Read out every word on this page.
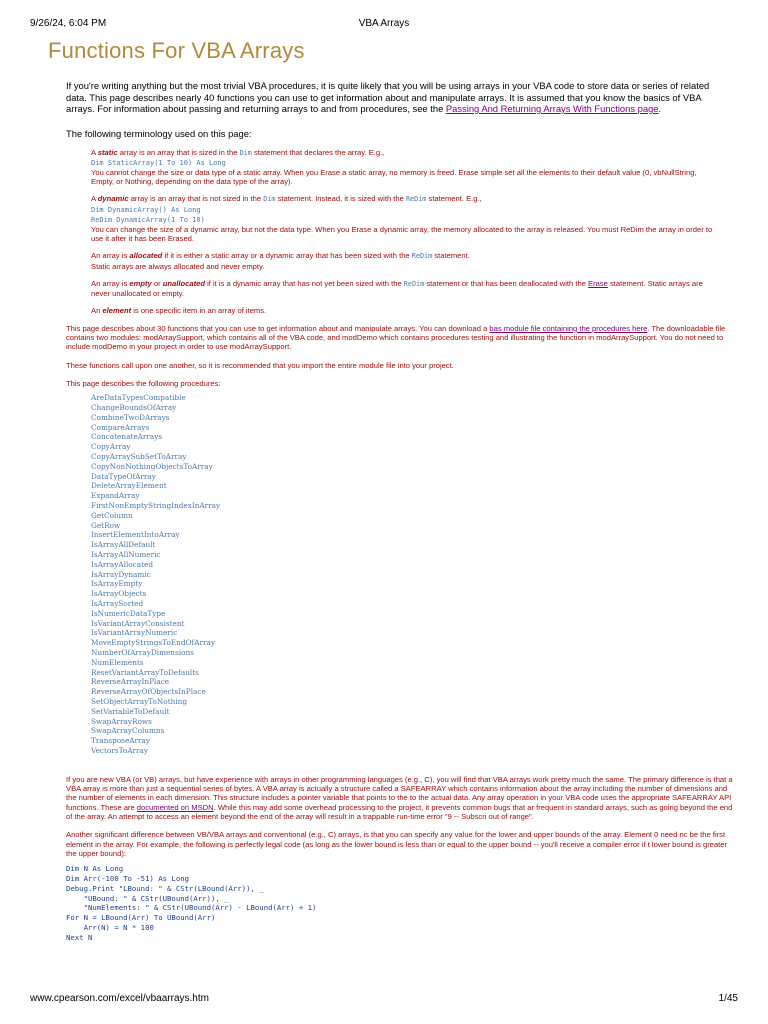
9/26/24, 6:04 PM	VBA Arrays
Functions For VBA Arrays

If you're writing anything but the most trivial VBA procedures, it is quite likely that you will be using arrays in your VBA code to store data or series of related data. This page describes nearly 40 functions you can use to get information about and manipulate arrays. It is assumed that you know the basics of VBA arrays. For information about passing and returning arrays to and from procedures, see the Passing And Returning Arrays With Functions page.

The following terminology used on this page:

A static array is an array that is sized in the Dim statement that declares the array. E.g.,
Dim StaticArray(1 To 10) As Long
You cannot change the size or data type of a static array. When you Erase a static array, no memory is freed. Erase simple set all the elements to their default value (0, vbNullString, Empty, or Nothing, depending on the data type of the array).
A dynamic array is an array that is not sized in the Dim statement. Instead, it is sized with the ReDim statement. E.g.,
Dim DynamicArray() As Long
ReDim DynamicArray(1 To 10)
You can change the size of a dynamic array, but not the data type. When you Erase a dynamic array, the memory allocated to the array is released. You must ReDim the array in order to use it after it has been Erased.
An array is allocated if it is either a static array or a dynamic array that has been sized with the ReDim statement.
Static arrays are always allocated and never empty.
An array is empty or unallocated if it is a dynamic array that has not yet been sized with the ReDim statement or that has been deallocated with the Erase statement. Static arrays are never unallocated or empty.
An element is one specific item in an array of items.

This page describes about 30 functions that you can use to get information about and manipulate arrays. You can download a bas module file containing the procedures here. The downloadable file contains two modules: modArraySupport, which contains all of the VBA code, and modDemo which contains procedures testing and illustrating the function in modArraySupport. You do not need to include modDemo in your project in order to use modArraySupport.

These functions call upon one another, so it is recommended that you import the entire module file into your project.

This page describes the following procedures:

AreDataTypesCompatible
ChangeBoundsOfArray
CombineTwoDArrays
CompareArrays
ConcatenateArrays
CopyArray
CopyArraySubSetToArray
CopyNonNothingObjectsToArray
DataTypeOfArray
DeleteArrayElement
ExpandArray
FirstNonEmptyStringIndexInArray
GetColumn
GetRow
InsertElementIntoArray
IsArrayAllDefault
IsArrayAllNumeric
IsArrayAllocated
IsArrayDynamic
IsArrayEmpty
IsArrayObjects
IsArraySorted
IsNumericDataType
IsVariantArrayConsistent
IsVariantArrayNumeric
MoveEmptyStringsToEndOfArray
NumberOfArrayDimensions
NumElements
ResetVariantArrayToDefaults
ReverseArrayInPlace
ReverseArrayOfObjectsInPlace
SetObjectArrayToNothing
SetVariableToDefault
SwapArrayRows
SwapArrayColumns
TransposeArray
VectorsToArray

If you are new VBA (or VB) arrays, but have experience with arrays in other programming languages (e.g., C), you will find that VBA arrays work pretty much the same. The primary difference is that a VBA array is more than just a sequential series of bytes. A VBA array is actually a structure called a SAFEARRAY which contains information about the array including the number of dimensions and the number of elements in each dimension. This structure includes a pointer variable that points to the to the actual data. Any array operation in your VBA code uses the appropriate SAFEARRAY API functions. These are documented on MSDN. While this may add some overhead processing to the project, it prevents common bugs that ar frequent in standard arrays, such as going beyond the end of the array. An attempt to access an element beyond the end of the array will result in a trappable run-time error "9 -- Subscri out of range".

Another significant difference between VB/VBA arrays and conventional (e.g., C) arrays, is that you can specify any value for the lower and upper bounds of the array. Element 0 need nc be the first element in the array. For example, the following is perfectly legal code (as long as the lower bound is less than or equal to the upper bound -- you'll receive a compiler error if t lower bound is greater the upper bound):

Dim N As Long
Dim Arr(-100 To -51) As Long
Debug.Print "LBound: " & CStr(LBound(Arr)), _
"UBound: " & CStr(UBound(Arr)), _
"NumElements: " & CStr(UBound(Arr) - LBound(Arr) + 1)
For N = LBound(Arr) To UBound(Arr)
Arr(N) = N * 100
Next N
www.cpearson.com/excel/vbaarrays.htm	1/45
